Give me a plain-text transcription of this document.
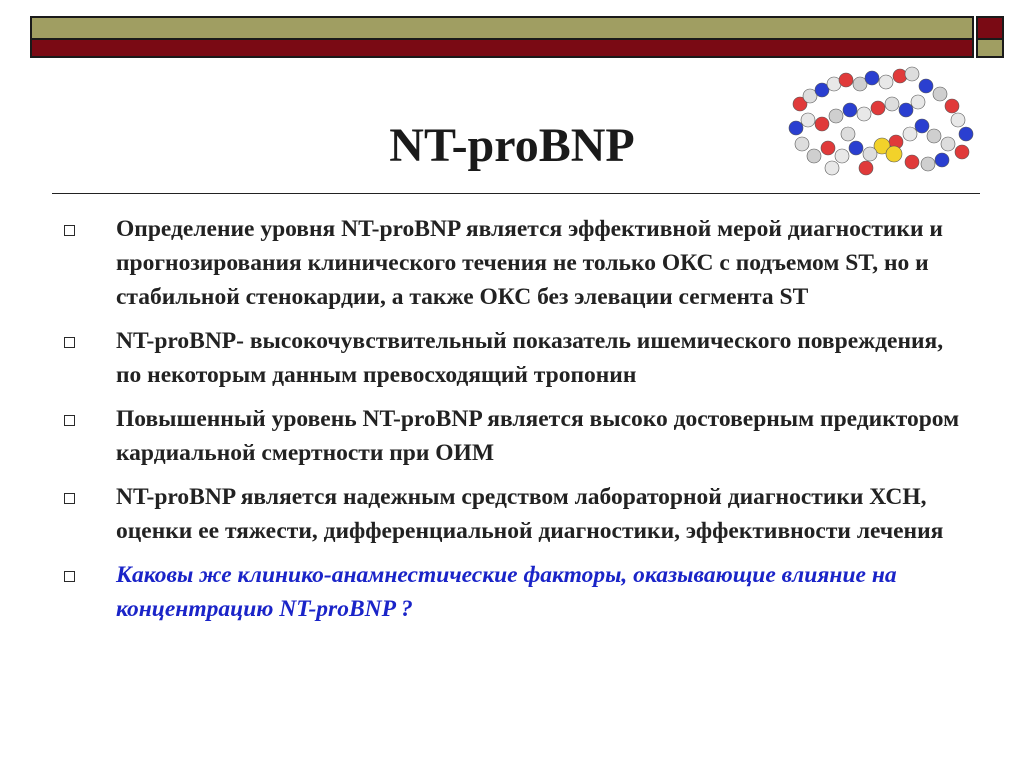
NT-proBNP
Определение уровня NT-proBNP является эффективной мерой диагностики и прогнозирования клинического течения не только ОКС с подъемом ST, но и стабильной стенокардии, а также ОКС без элевации сегмента ST
NT-proBNP- высокочувствительный показатель ишемического повреждения, по некоторым данным превосходящий тропонин
Повышенный уровень NT-proBNP является высоко достоверным предиктором кардиальной смертности при ОИМ
NT-proBNP является надежным средством лабораторной диагностики ХСН, оценки ее тяжести, дифференциальной диагностики, эффективности лечения
Каковы же клинико-анамнестические факторы, оказывающие влияние на концентрацию NT-proBNP ?
